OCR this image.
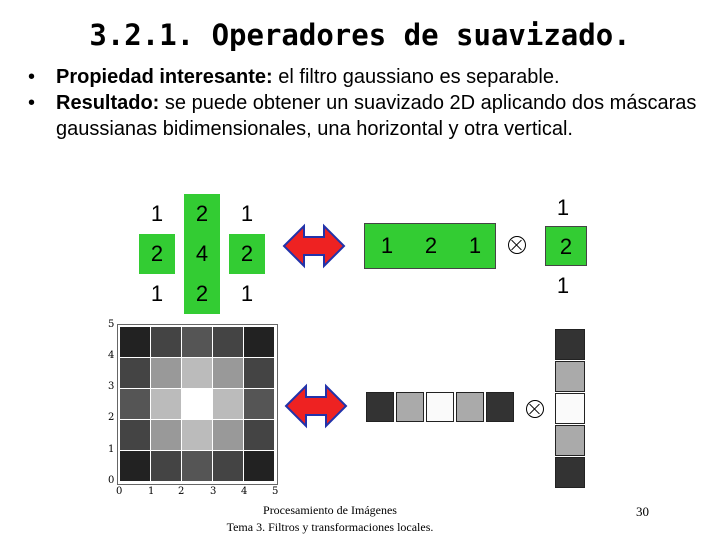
3.2.1. Operadores de suavizado.
• Propiedad interesante: el filtro gaussiano es separable.
• Resultado: se puede obtener un suavizado 2D aplicando dos máscaras gaussianas bidimensionales, una horizontal y otra vertical.
1	2	1
2	4	2
1	2	1
1	2	1
1
2
1
5
4
3
2
1
0
0	1 2	3 4 5
Procesamiento de Imágenes
Tema 3. Filtros y transformaciones locales.
30
